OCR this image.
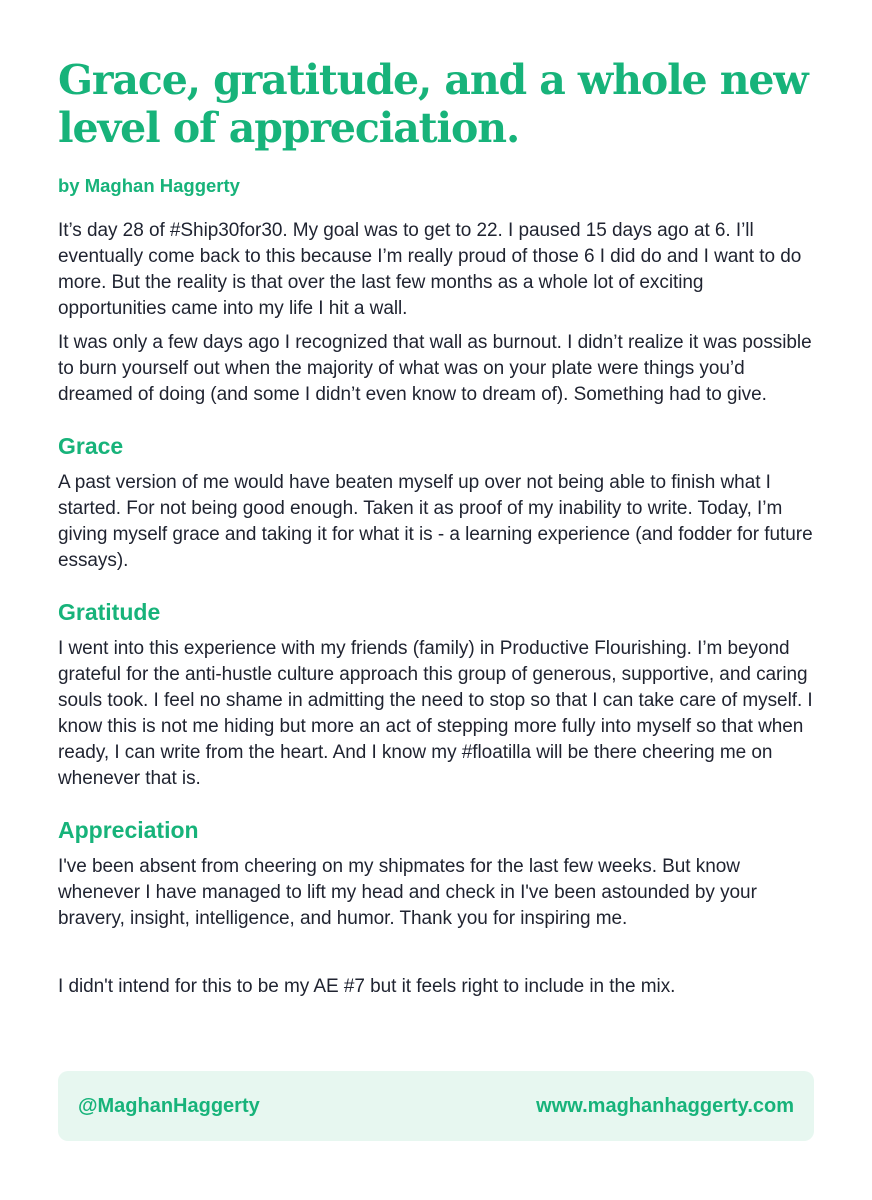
Grace, gratitude, and a whole new level of appreciation.

by Maghan Haggerty

It’s day 28 of #Ship30for30. My goal was to get to 22. I paused 15 days ago at 6. I’ll eventually come back to this because I’m really proud of those 6 I did do and I want to do more. But the reality is that over the last few months as a whole lot of exciting opportunities came into my life I hit a wall.

It was only a few days ago I recognized that wall as burnout. I didn’t realize it was possible to burn yourself out when the majority of what was on your plate were things you’d dreamed of doing (and some I didn’t even know to dream of). Something had to give.

Grace

A past version of me would have beaten myself up over not being able to finish what I started. For not being good enough. Taken it as proof of my inability to write. Today, I’m giving myself grace and taking it for what it is - a learning experience (and fodder for future essays).

Gratitude

I went into this experience with my friends (family) in Productive Flourishing. I’m beyond grateful for the anti-hustle culture approach this group of generous, supportive, and caring souls took. I feel no shame in admitting the need to stop so that I can take care of myself. I know this is not me hiding but more an act of stepping more fully into myself so that when ready, I can write from the heart. And I know my #floatilla will be there cheering me on whenever that is.

Appreciation

I've been absent from cheering on my shipmates for the last few weeks. But know whenever I have managed to lift my head and check in I've been astounded by your bravery, insight, intelligence, and humor. Thank you for inspiring me.

I didn't intend for this to be my AE #7 but it feels right to include in the mix.

@MaghanHaggerty	www.maghanhaggerty.com
